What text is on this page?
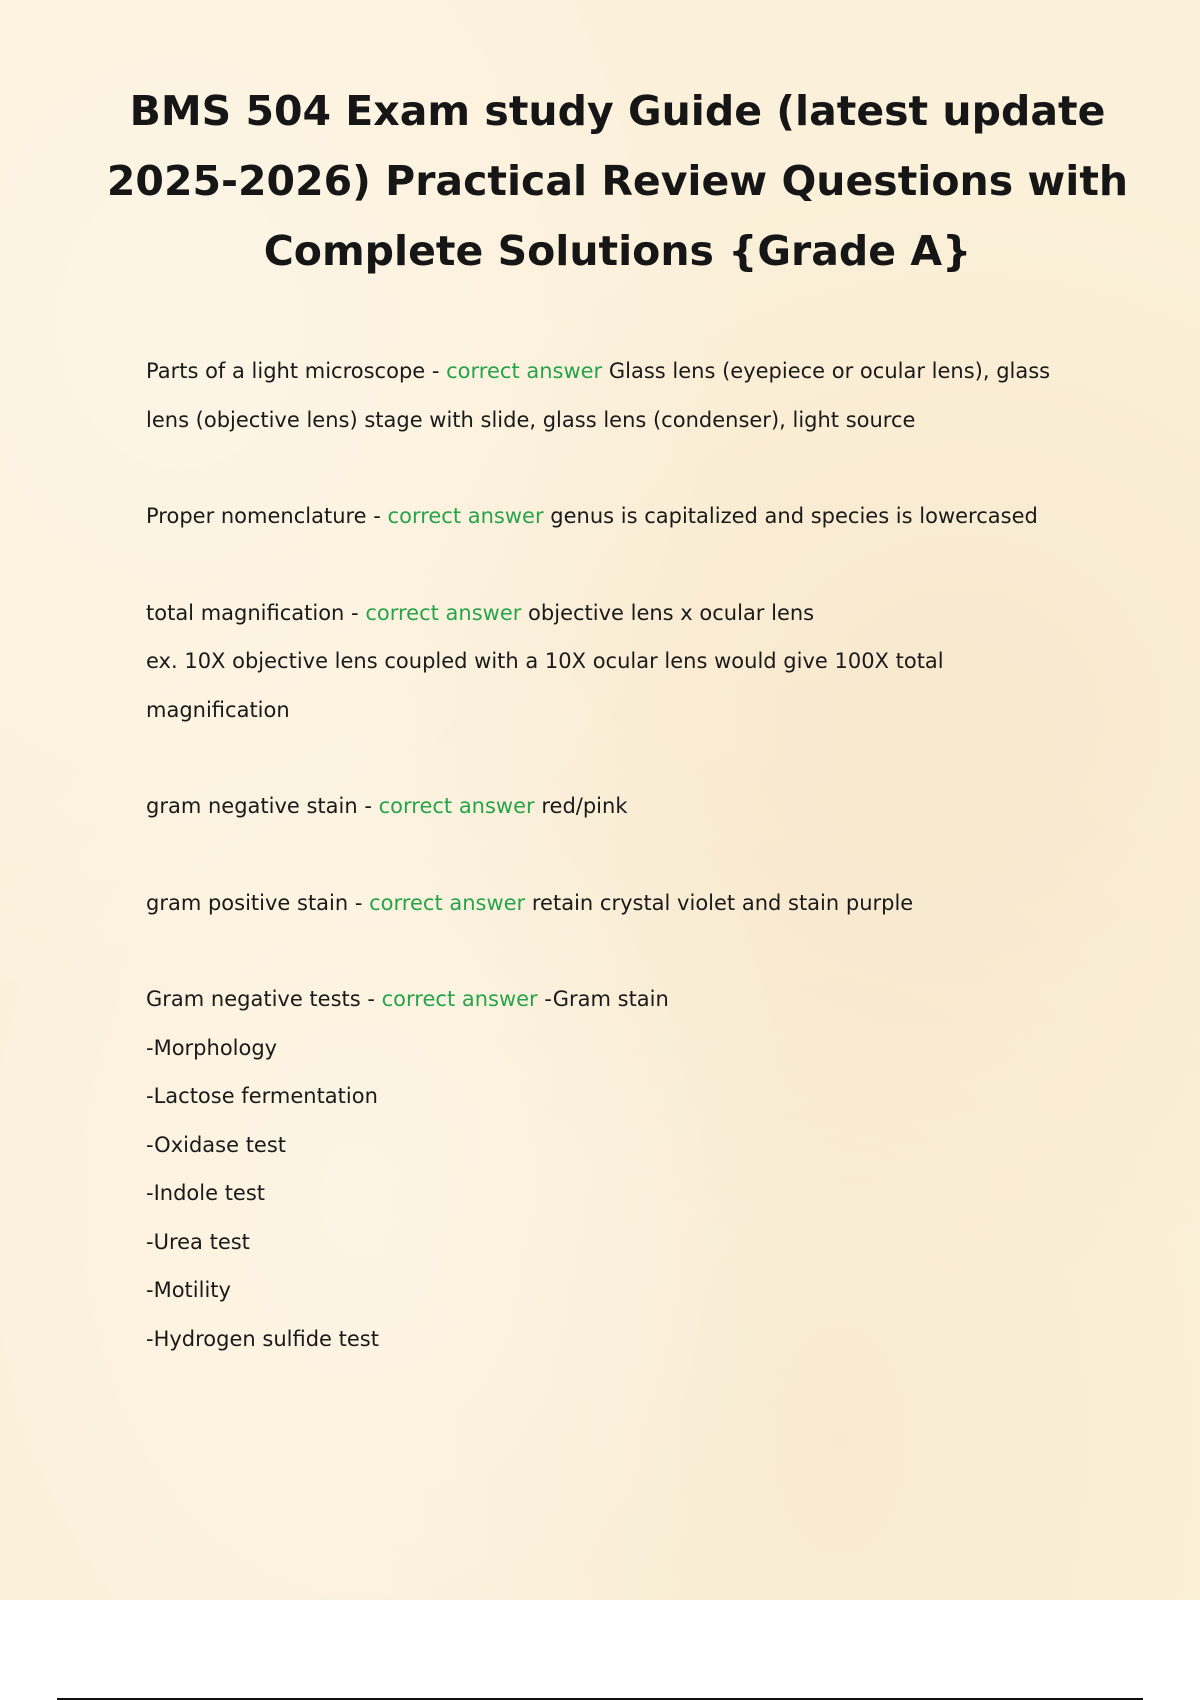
BMS 504 Exam study Guide (latest update 2025-2026) Practical Review Questions with Complete Solutions {Grade A}

Parts of a light microscope - correct answer Glass lens (eyepiece or ocular lens), glass lens (objective lens) stage with slide, glass lens (condenser), light source

Proper nomenclature - correct answer genus is capitalized and species is lowercased

total magnification - correct answer objective lens x ocular lens

ex. 10X objective lens coupled with a 10X ocular lens would give 100X total magnification

gram negative stain - correct answer red/pink

gram positive stain - correct answer retain crystal violet and stain purple

Gram negative tests - correct answer -Gram stain

-Morphology

-Lactose fermentation

-Oxidase test

-Indole test

-Urea test

-Motility

-Hydrogen sulfide test
